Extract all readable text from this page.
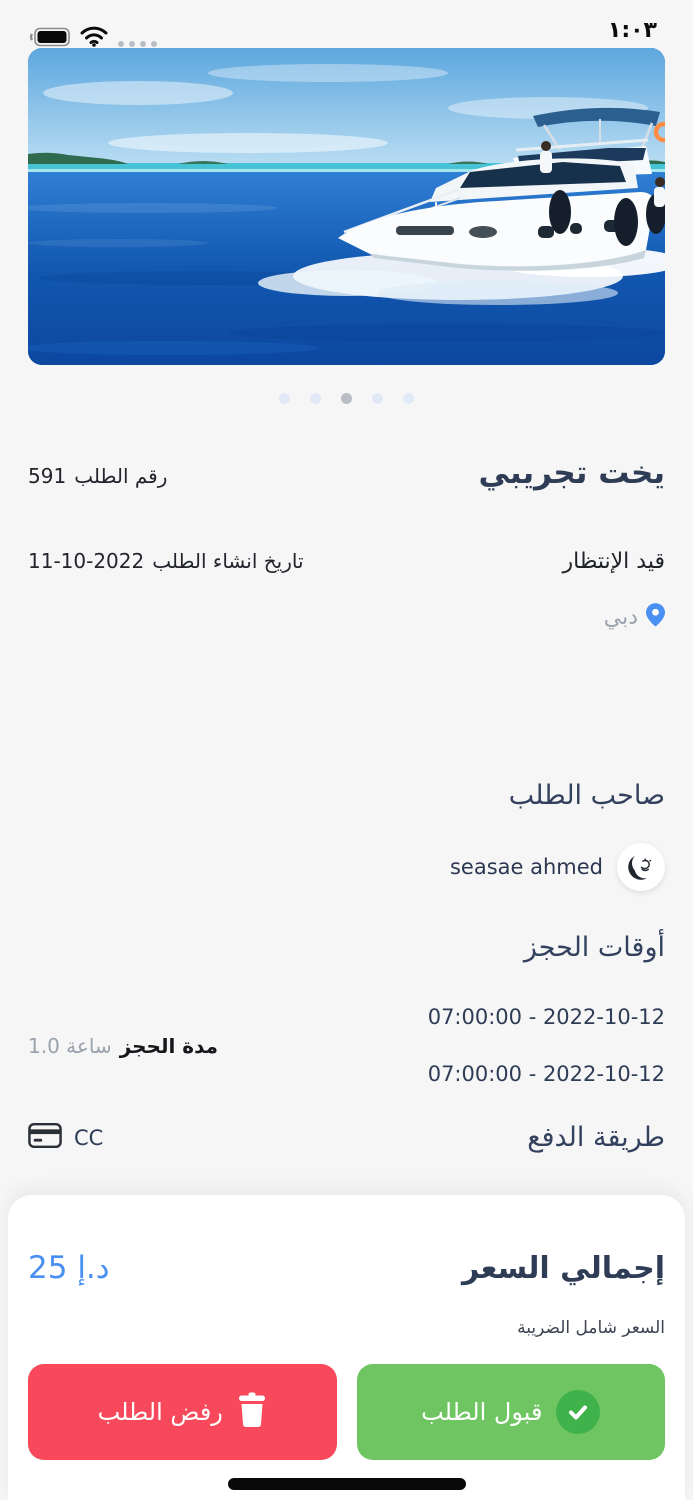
١:٠٣
يخت تجريبي
رقم الطلب
591
قيد الإنتظار
تاريخ انشاء الطلب
11-10-2022
دبي
صاحب الطلب
seasae ahmed
أوقات الحجز
07:00:00 - 2022-10-12
07:00:00 - 2022-10-12
مدة الحجز
1.0 ساعة
طريقة الدفع
CC
إجمالي السعر
25 د.إ
السعر شامل الضريبة
قبول الطلب
رفض الطلب
